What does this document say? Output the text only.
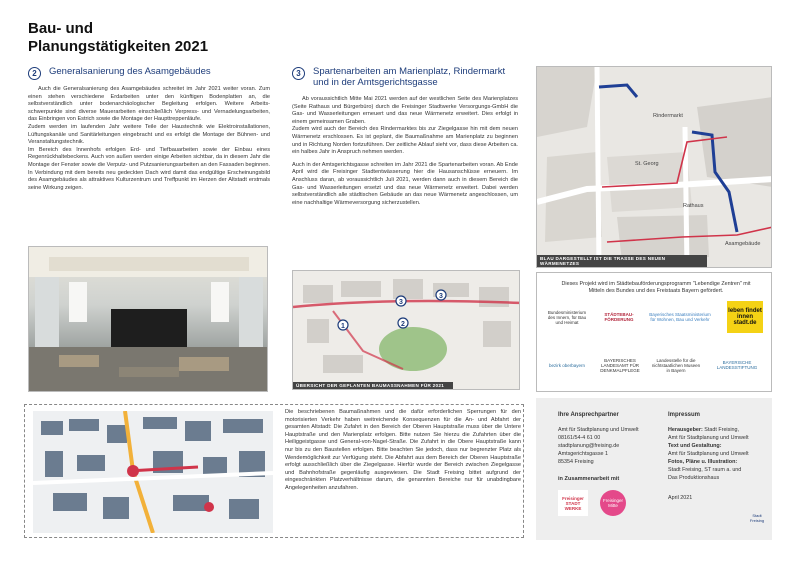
Bau- und
Planungstätigkeiten 2021
2	Generalsanierung des Asamgebäudes

Auch die Generalsanierung des Asamgebäudes schreitet im Jahr 2021 weiter voran. Zum einen stehen verschiedene Erdarbeiten unter den künftigen Bodenplatten an, die selbstverständlich unter bodenarchäologischer Begleitung erfolgen. Weitere Arbeits- schwerpunkte sind diverse Mauerarbeiten einschließlich Verpress- und Vernadelungsarbeiten, das Einbringen von Estrich sowie die Montage der Haupttreppenläufe.

Zudem werden im laufenden Jahr weitere Teile der Haustechnik wie Elektroinstallationen, Lüftungskanäle und Sanitärleitungen eingebracht und es erfolgt die Montage der Bühnen- und Veranstaltungstechnik.

Im Bereich des Innenhofs erfolgen Erd- und Tiefbauarbeiten sowie der Einbau eines Regenrückhaltebeckens. Auch von außen werden einige Arbeiten sichtbar, da in diesem Jahr die Montage der Fenster sowie die Verputz- und Putzsanierungsarbeiten an den Fassaden beginnen. In Verbindung mit dem bereits neu gedeckten Dach wird damit das endgültige Erscheinungsbild des Asamgebäudes als attraktives Kulturzentrum und Treffpunkt im Herzen der Altstadt erstmals seine Wirkung zeigen.

3	Spartenarbeiten am Marienplatz, Rindermarkt und in der Amtsgerichtsgasse

Ab voraussichtlich Mitte Mai 2021 werden auf der westlichen Seite des Marienplatzes (Seite Rathaus und Bürgerbüro) durch die Freisinger Stadtwerke Versorgungs-GmbH die Gas- und Wasserleitungen erneuert und das neue Wärmenetz erweitert. Dies erfolgt in einem gemeinsamen Graben.

Zudem wird auch der Bereich des Rindermarktes bis zur Ziegelgasse hin mit dem neuen Wärmenetz erschlossen. Es ist geplant, die Baumaßnahme am Marienplatz zu beginnen und in Richtung Norden fortzuführen. Der zeitliche Ablauf sieht vor, dass diese Arbeiten ca. ein halbes Jahr in Anspruch nehmen werden.

Auch in der Amtsgerichtsgasse schreiten im Jahr 2021 die Spartenarbeiten voran. Ab Ende April wird die Freisinger Stadtentwässerung hier die Hausanschlüsse erneuern. Im Anschluss daran, ab voraussichtlich Juli 2021, werden dann auch in diesem Bereich die Gas- und Wasserleitungen ersetzt und das neue Wärmenetz erweitert. Dabei werden selbstverständlich alle städtischen Gebäude an das neue Wärmenetz angeschlossen, um eine nachhaltige Wärmeversorgung sicherzustellen.

Rindermarkt
St. Georg
Rathaus
Asamgebäude
BLAU DARGESTELLT IST DIE TRASSE DES NEUEN WÄRMENETZES
1	2
3
3
ÜBERSICHT DER GEPLANTEN BAUMASSNAHMEN FÜR 2021
Dieses Projekt wird im Städtebauförderungsprogramm "Lebendige Zentren" mit Mitteln des Bundes und des Freistaats Bayern gefördert.
Bundesministerium des Innern, für Bau und Heimat
STÄDTEBAU-FÖRDERUNG
Bayerisches Staatsministerium für Wohnen, Bau und Verkehr
leben findet innen stadt.de
bezirk oberbayern
BAYERISCHES LANDESAMT FÜR DENKMALPFLEGE
Landesstelle für die nichtstaatlichen Museen in Bayern
BAYERISCHE LANDESSTIFTUNG
Die beschriebenen Baumaßnahmen und die dafür erforderlichen Sperrungen für den motorisierten Verkehr haben weitreichende Konsequenzen für die An- und Abfahrt der gesamten Altstadt: Die Zufahrt in den Bereich der Oberen Hauptstraße muss über die Untere Hauptstraße und den Marienplatz erfolgen. Bitte nutzen Sie hierzu die Zufahrten über die Heiliggeistgasse und General-von-Nagel-Straße. Die Zufahrt in die Obere Hauptstraße kann nur bis zu den Baustellen erfolgen. Bitte beachten Sie jedoch, dass nur begrenzter Platz als Wendemöglichkeit zur Verfügung steht. Die Abfahrt aus dem Bereich der Oberen Hauptstraße erfolgt ausschließlich über die Ziegelgasse. Hierfür wurde der Bereich zwischen Ziegelgasse und Bahnhofstraße gegenläufig ausgewiesen. Die Stadt Freising bittet aufgrund der eingeschränkten Platzverhältnisse darum, die genannten Bereiche nur für unabdingbare Angelegenheiten anzufahren.
Ihre Ansprechpartner
Amt für Stadtplanung und Umwelt
08161/54-4 61 00
stadtplanung@freising.de
Amtsgerichtsgasse 1
85354 Freising
in Zusammenarbeit mit
Freisinger STADT WERKE
Freisinger Mitte
Impressum
Herausgeber: Stadt Freising,
Amt für Stadtplanung und Umwelt
Text und Gestaltung:
Amt für Stadtplanung und Umwelt
Fotos, Pläne u. Illustration:
Stadt Freising, ST raum a. und
Das Produktionshaus
April 2021
Stadt Freising
